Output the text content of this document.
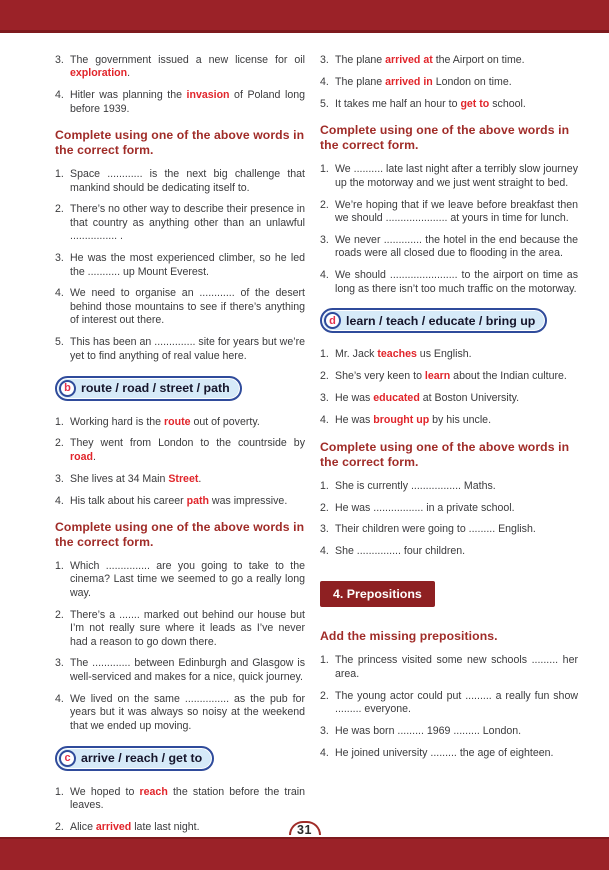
3. The government issued a new license for oil exploration.
4. Hitler was planning the invasion of Poland long before 1939.
Complete using one of the above words in the correct form.
1. Space ............ is the next big challenge that mankind should be dedicating itself to.
2. There’s no other way to describe their presence in that country as anything other than an unlawful ................ .
3. He was the most experienced climber, so he led the ........... up Mount Everest.
4. We need to organise an ............ of the desert behind those mountains to see if there’s anything of interest out there.
5. This has been an .............. site for years but we’re yet to find anything of real value here.
b route / road / street / path
1. Working hard is the route out of poverty.
2. They went from London to the countrside by road.
3. She lives at 34 Main Street.
4. His talk about his career path was impressive.
Complete using one of the above words in the correct form.
1. Which ............... are you going to take to the cinema? Last time we seemed to go a really long way.
2. There’s a ....... marked out behind our house but I’m not really sure where it leads as I’ve never had a reason to go down there.
3. The ............. between Edinburgh and Glasgow is well-serviced and makes for a nice, quick journey.
4. We lived on the same ............... as the pub for years but it was always so noisy at the weekend that we ended up moving.
c arrive / reach / get to
1. We hoped to reach the station before the train leaves.
2. Alice arrived late last night.
3. The plane arrived at the Airport on time.
4. The plane arrived in London on time.
5. It takes me half an hour to get to school.
Complete using one of the above words in the correct form.
1. We .......... late last night after a terribly slow journey up the motorway and we just went straight to bed.
2. We’re hoping that if we leave before breakfast then we should ..................... at yours in time for lunch.
3. We never ............. the hotel in the end because the roads were all closed due to flooding in the area.
4. We should ....................... to the airport on time as long as there isn’t too much traffic on the motorway.
d learn / teach / educate / bring up
1. Mr. Jack teaches us English.
2. She’s very keen to learn about the Indian culture.
3. He was educated at Boston University.
4. He was brought up by his uncle.
Complete using one of the above words in the correct form.
1. She is currently ................. Maths.
2. He was ................. in a private school.
3. Their children were going to ......... English.
4. She ............... four children.
4. Prepositions
Add the missing prepositions.
1. The princess visited some new schools ......... her area.
2. The young actor could put ......... a really fun show ......... everyone.
3. He was born ......... 1969 ......... London.
4. He joined university ......... the age of eighteen.
31
